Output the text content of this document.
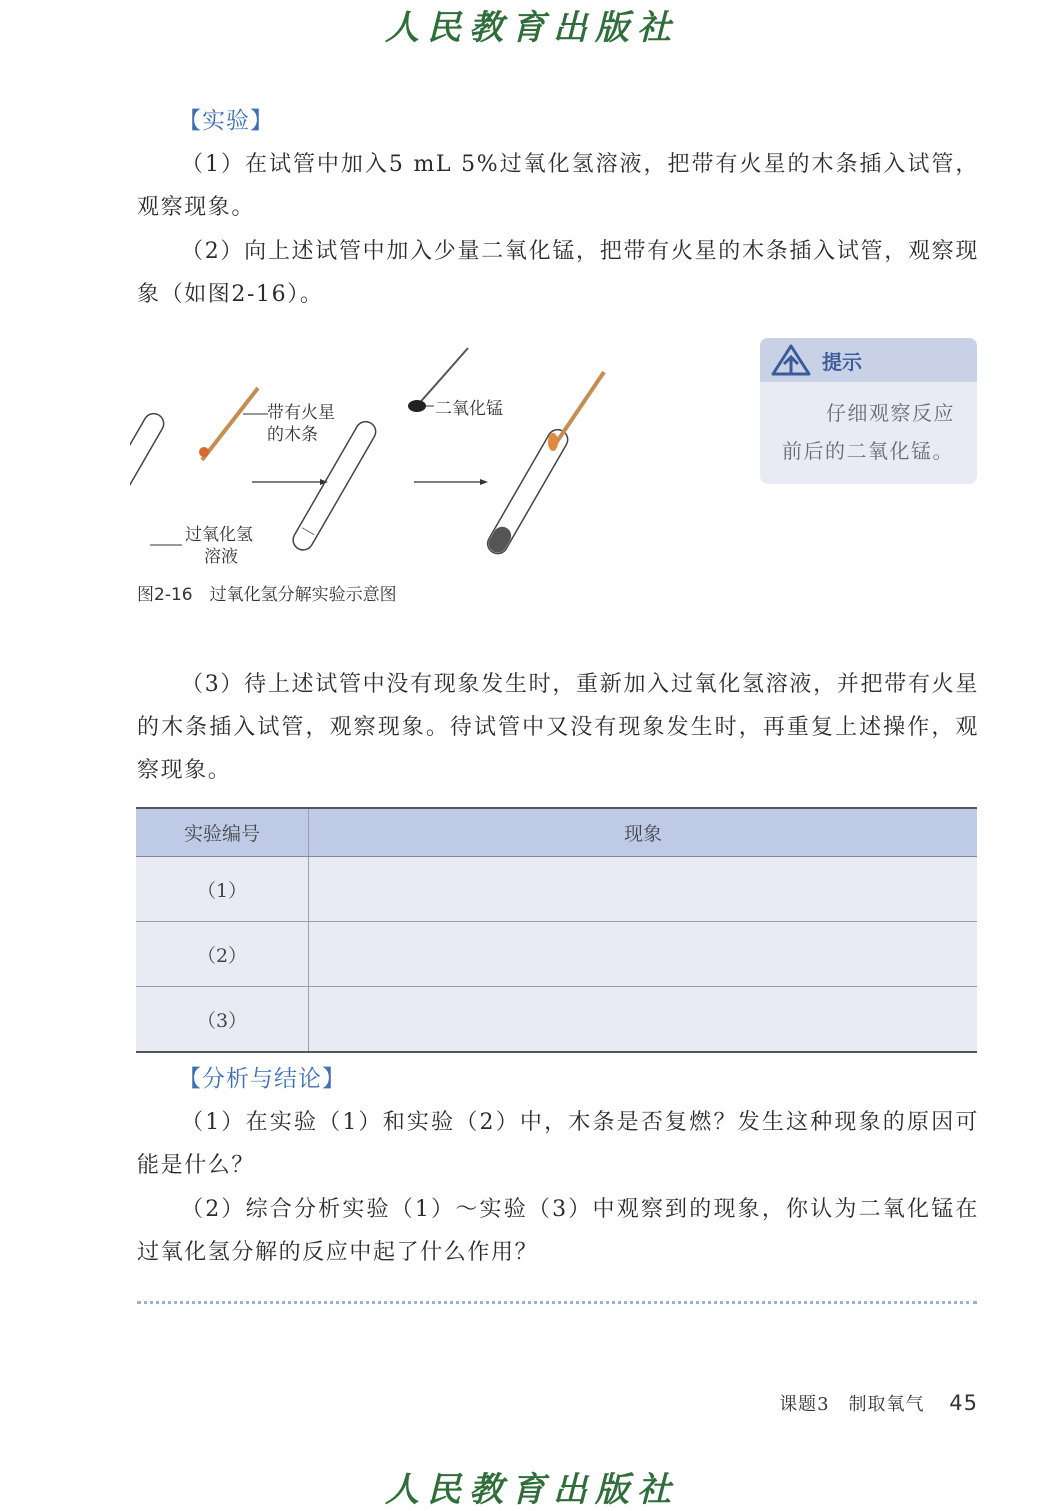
人民教育出版社
【实验】
（1）在试管中加入5 mL 5%过氧化氢溶液，把带有火星的木条插入试管，观察现象。
（2）向上述试管中加入少量二氧化锰，把带有火星的木条插入试管，观察现象（如图2-16）。
带有火星
的木条
过氧化氢
溶液
二氧化锰
图2-16　过氧化氢分解实验示意图
提示
仔细观察反应前后的二氧化锰。
（3）待上述试管中没有现象发生时，重新加入过氧化氢溶液，并把带有火星的木条插入试管，观察现象。待试管中又没有现象发生时，再重复上述操作，观察现象。
实验编号	现象
（1）	
（2）	
（3）	
【分析与结论】
（1）在实验（1）和实验（2）中，木条是否复燃？发生这种现象的原因可能是什么？
（2）综合分析实验（1）～实验（3）中观察到的现象，你认为二氧化锰在过氧化氢分解的反应中起了什么作用？
课题3　制取氧气 45
人民教育出版社
